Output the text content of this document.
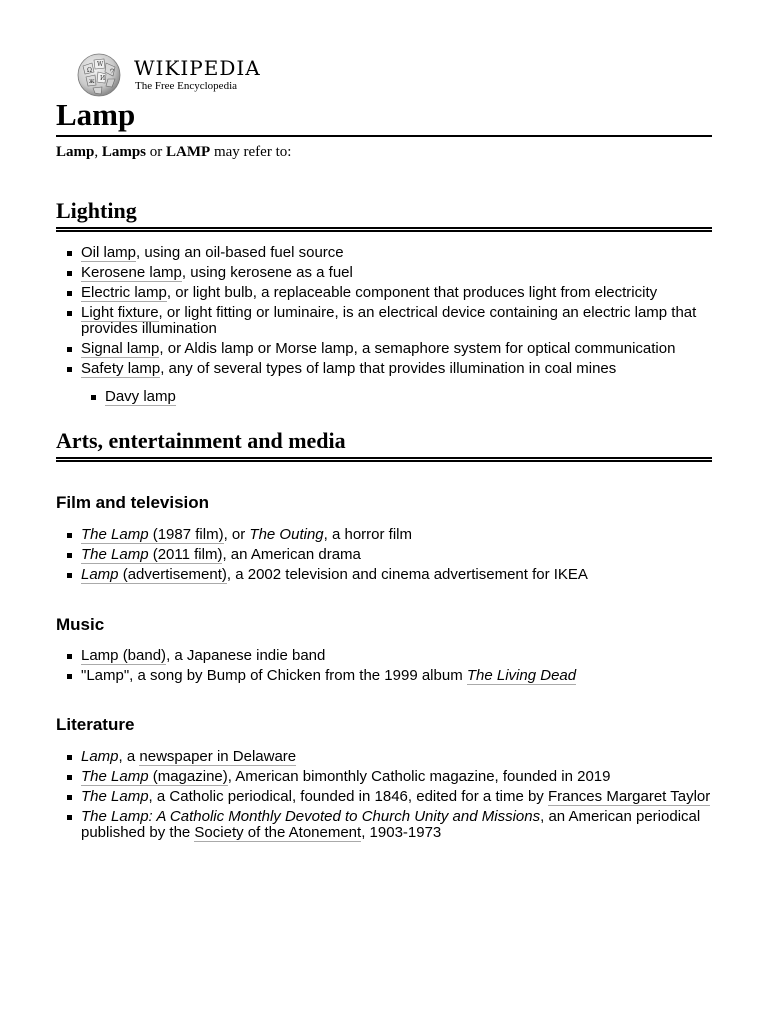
Ω
W
И
ウ
ж
WIKIPEDIA
The Free Encyclopedia
Lamp

Lamp, Lamps or LAMP may refer to:

Lighting
Oil lamp, using an oil-based fuel source
Kerosene lamp, using kerosene as a fuel
Electric lamp, or light bulb, a replaceable component that produces light from electricity
Light fixture, or light fitting or luminaire, is an electrical device containing an electric lamp that provides illumination
Signal lamp, or Aldis lamp or Morse lamp, a semaphore system for optical communication
Safety lamp, any of several types of lamp that provides illumination in coal mines
Davy lamp
Arts, entertainment and media
Film and television
The Lamp (1987 film), or The Outing, a horror film
The Lamp (2011 film), an American drama
Lamp (advertisement), a 2002 television and cinema advertisement for IKEA
Music
Lamp (band), a Japanese indie band
"Lamp", a song by Bump of Chicken from the 1999 album The Living Dead
Literature
Lamp, a newspaper in Delaware
The Lamp (magazine), American bimonthly Catholic magazine, founded in 2019
The Lamp, a Catholic periodical, founded in 1846, edited for a time by Frances Margaret Taylor
The Lamp: A Catholic Monthly Devoted to Church Unity and Missions, an American periodical published by the Society of the Atonement, 1903-1973
